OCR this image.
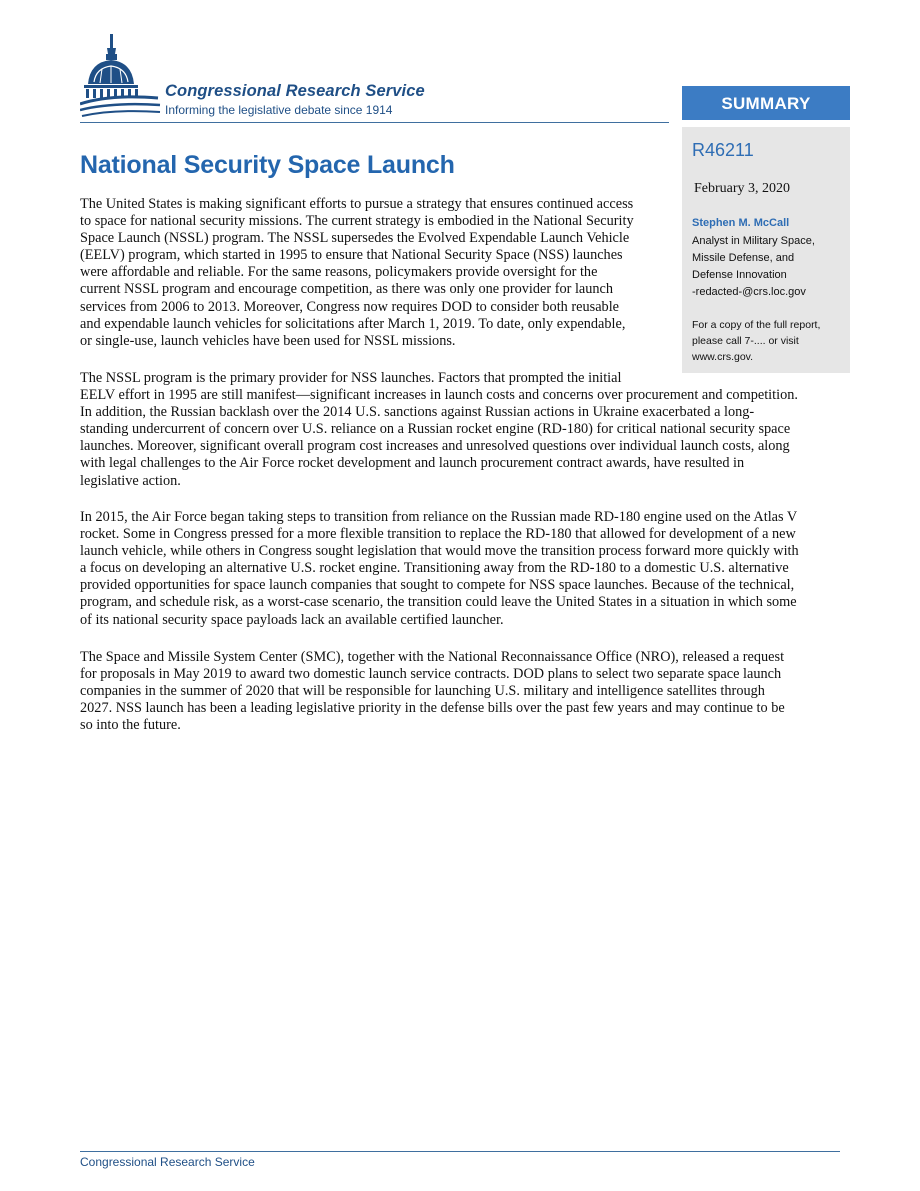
Congressional Research Service
Informing the legislative debate since 1914	SUMMARY
R46211
February 3, 2020
Stephen M. McCall
Analyst in Military Space,
Missile Defense, and
Defense Innovation
-redacted-@crs.loc.gov
For a copy of the full report,
please call 7-.... or visit
www.crs.gov.
National Security Space Launch
The United States is making significant efforts to pursue a strategy that ensures continued access
to space for national security missions. The current strategy is embodied in the National Security
Space Launch (NSSL) program. The NSSL supersedes the Evolved Expendable Launch Vehicle
(EELV) program, which started in 1995 to ensure that National Security Space (NSS) launches
were affordable and reliable. For the same reasons, policymakers provide oversight for the
current NSSL program and encourage competition, as there was only one provider for launch
services from 2006 to 2013. Moreover, Congress now requires DOD to consider both reusable
and expendable launch vehicles for solicitations after March 1, 2019. To date, only expendable,
or single-use, launch vehicles have been used for NSSL missions.
The NSSL program is the primary provider for NSS launches. Factors that prompted the initial
EELV effort in 1995 are still manifest—significant increases in launch costs and concerns over procurement and competition.
In addition, the Russian backlash over the 2014 U.S. sanctions against Russian actions in Ukraine exacerbated a long-
standing undercurrent of concern over U.S. reliance on a Russian rocket engine (RD-180) for critical national security space
launches. Moreover, significant overall program cost increases and unresolved questions over individual launch costs, along
with legal challenges to the Air Force rocket development and launch procurement contract awards, have resulted in
legislative action.
In 2015, the Air Force began taking steps to transition from reliance on the Russian made RD-180 engine used on the Atlas V
rocket. Some in Congress pressed for a more flexible transition to replace the RD-180 that allowed for development of a new
launch vehicle, while others in Congress sought legislation that would move the transition process forward more quickly with
a focus on developing an alternative U.S. rocket engine. Transitioning away from the RD-180 to a domestic U.S. alternative
provided opportunities for space launch companies that sought to compete for NSS space launches. Because of the technical,
program, and schedule risk, as a worst-case scenario, the transition could leave the United States in a situation in which some
of its national security space payloads lack an available certified launcher.
The Space and Missile System Center (SMC), together with the National Reconnaissance Office (NRO), released a request
for proposals in May 2019 to award two domestic launch service contracts. DOD plans to select two separate space launch
companies in the summer of 2020 that will be responsible for launching U.S. military and intelligence satellites through
2027. NSS launch has been a leading legislative priority in the defense bills over the past few years and may continue to be
so into the future.
Congressional Research Service
